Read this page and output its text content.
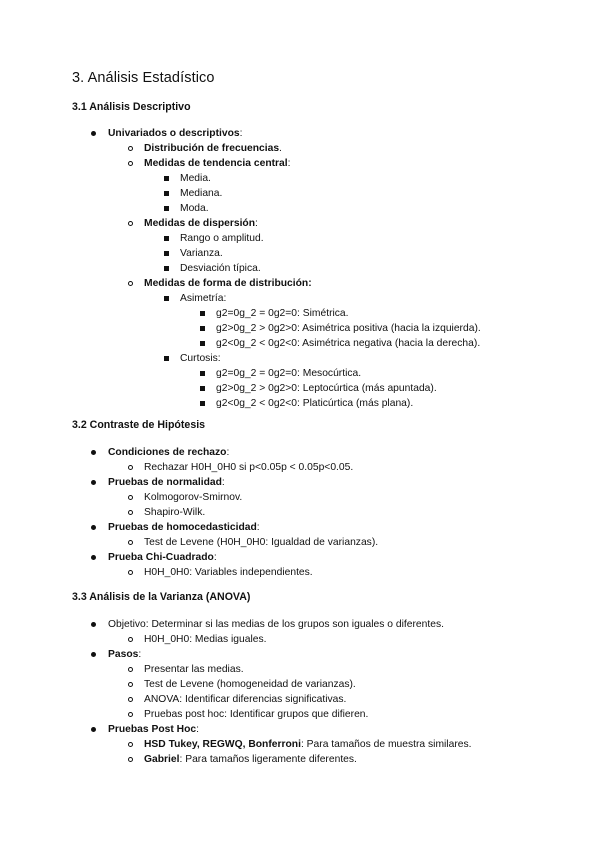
3. Análisis Estadístico
3.1 Análisis Descriptivo
Univariados o descriptivos:
Distribución de frecuencias.
Medidas de tendencia central:
Media.
Mediana.
Moda.
Medidas de dispersión:
Rango o amplitud.
Varianza.
Desviación típica.
Medidas de forma de distribución:
Asimetría:
g2=0g_2 = 0g2=0: Simétrica.
g2>0g_2 > 0g2>0: Asimétrica positiva (hacia la izquierda).
g2<0g_2 < 0g2<0: Asimétrica negativa (hacia la derecha).
Curtosis:
g2=0g_2 = 0g2=0: Mesocúrtica.
g2>0g_2 > 0g2>0: Leptocúrtica (más apuntada).
g2<0g_2 < 0g2<0: Platicúrtica (más plana).
3.2 Contraste de Hipótesis
Condiciones de rechazo:
Rechazar H0H_0H0 si p<0.05p < 0.05p<0.05.
Pruebas de normalidad:
Kolmogorov-Smirnov.
Shapiro-Wilk.
Pruebas de homocedasticidad:
Test de Levene (H0H_0H0: Igualdad de varianzas).
Prueba Chi-Cuadrado:
H0H_0H0: Variables independientes.
3.3 Análisis de la Varianza (ANOVA)
Objetivo: Determinar si las medias de los grupos son iguales o diferentes.
H0H_0H0: Medias iguales.
Pasos:
Presentar las medias.
Test de Levene (homogeneidad de varianzas).
ANOVA: Identificar diferencias significativas.
Pruebas post hoc: Identificar grupos que difieren.
Pruebas Post Hoc:
HSD Tukey, REGWQ, Bonferroni: Para tamaños de muestra similares.
Gabriel: Para tamaños ligeramente diferentes.
